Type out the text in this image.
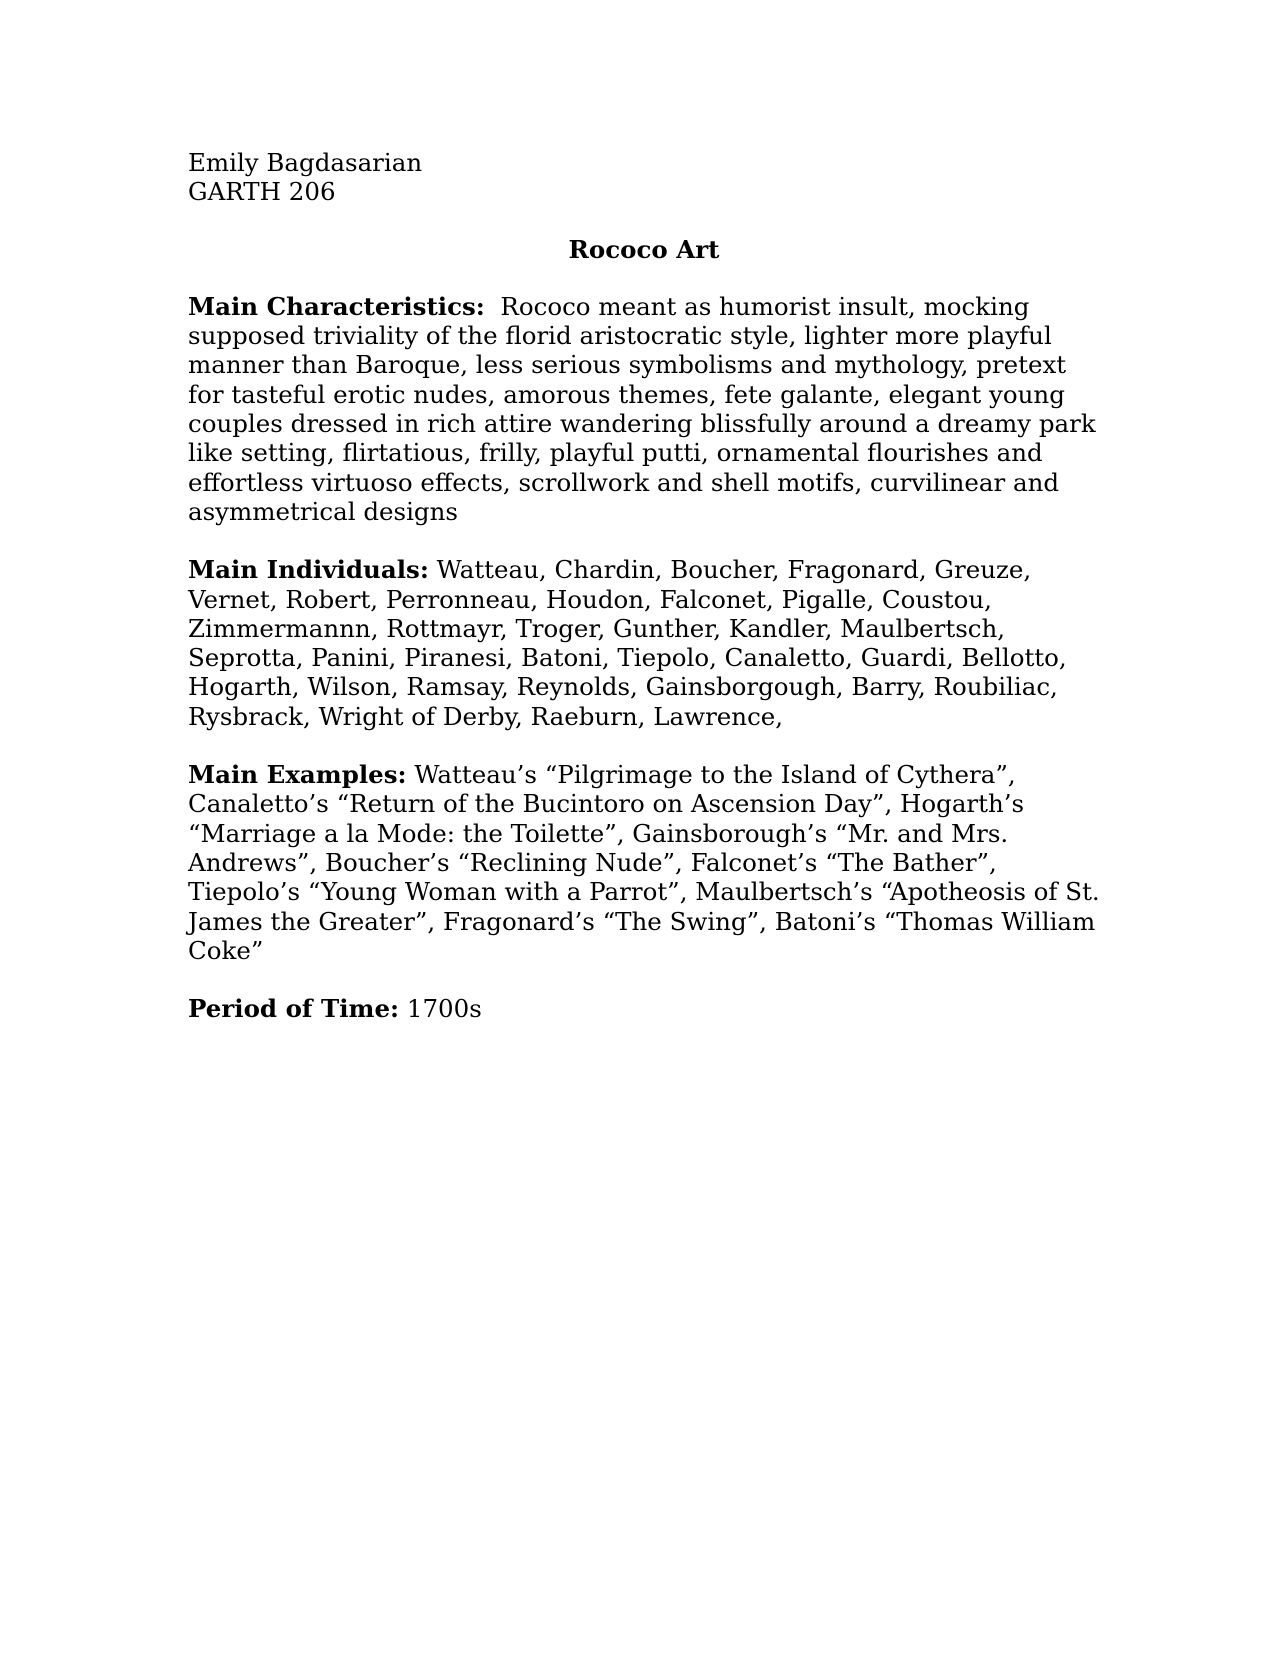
Emily Bagdasarian

GARTH 206

Rococo Art

Main Characteristics:  Rococo meant as humorist insult, mocking supposed triviality of the florid aristocratic style, lighter more playful manner than Baroque, less serious symbolisms and mythology, pretext for tasteful erotic nudes, amorous themes, fete galante, elegant young couples dressed in rich attire wandering blissfully around a dreamy park like setting, flirtatious, frilly, playful putti, ornamental flourishes and effortless virtuoso effects, scrollwork and shell motifs, curvilinear and asymmetrical designs

Main Individuals: Watteau, Chardin, Boucher, Fragonard, Greuze, Vernet, Robert, Perronneau, Houdon, Falconet, Pigalle, Coustou, Zimmermannn, Rottmayr, Troger, Gunther, Kandler, Maulbertsch, Seprotta, Panini, Piranesi, Batoni, Tiepolo, Canaletto, Guardi, Bellotto, Hogarth, Wilson, Ramsay, Reynolds, Gainsborgough, Barry, Roubiliac, Rysbrack, Wright of Derby, Raeburn, Lawrence,

Main Examples: Watteau’s “Pilgrimage to the Island of Cythera”, Canaletto’s “Return of the Bucintoro on Ascension Day”, Hogarth’s “Marriage a la Mode: the Toilette”, Gainsborough’s “Mr. and Mrs. Andrews”, Boucher’s “Reclining Nude”, Falconet’s “The Bather”, Tiepolo’s “Young Woman with a Parrot”, Maulbertsch’s “Apotheosis of St. James the Greater”, Fragonard’s “The Swing”, Batoni’s “Thomas William Coke”

Period of Time: 1700s
